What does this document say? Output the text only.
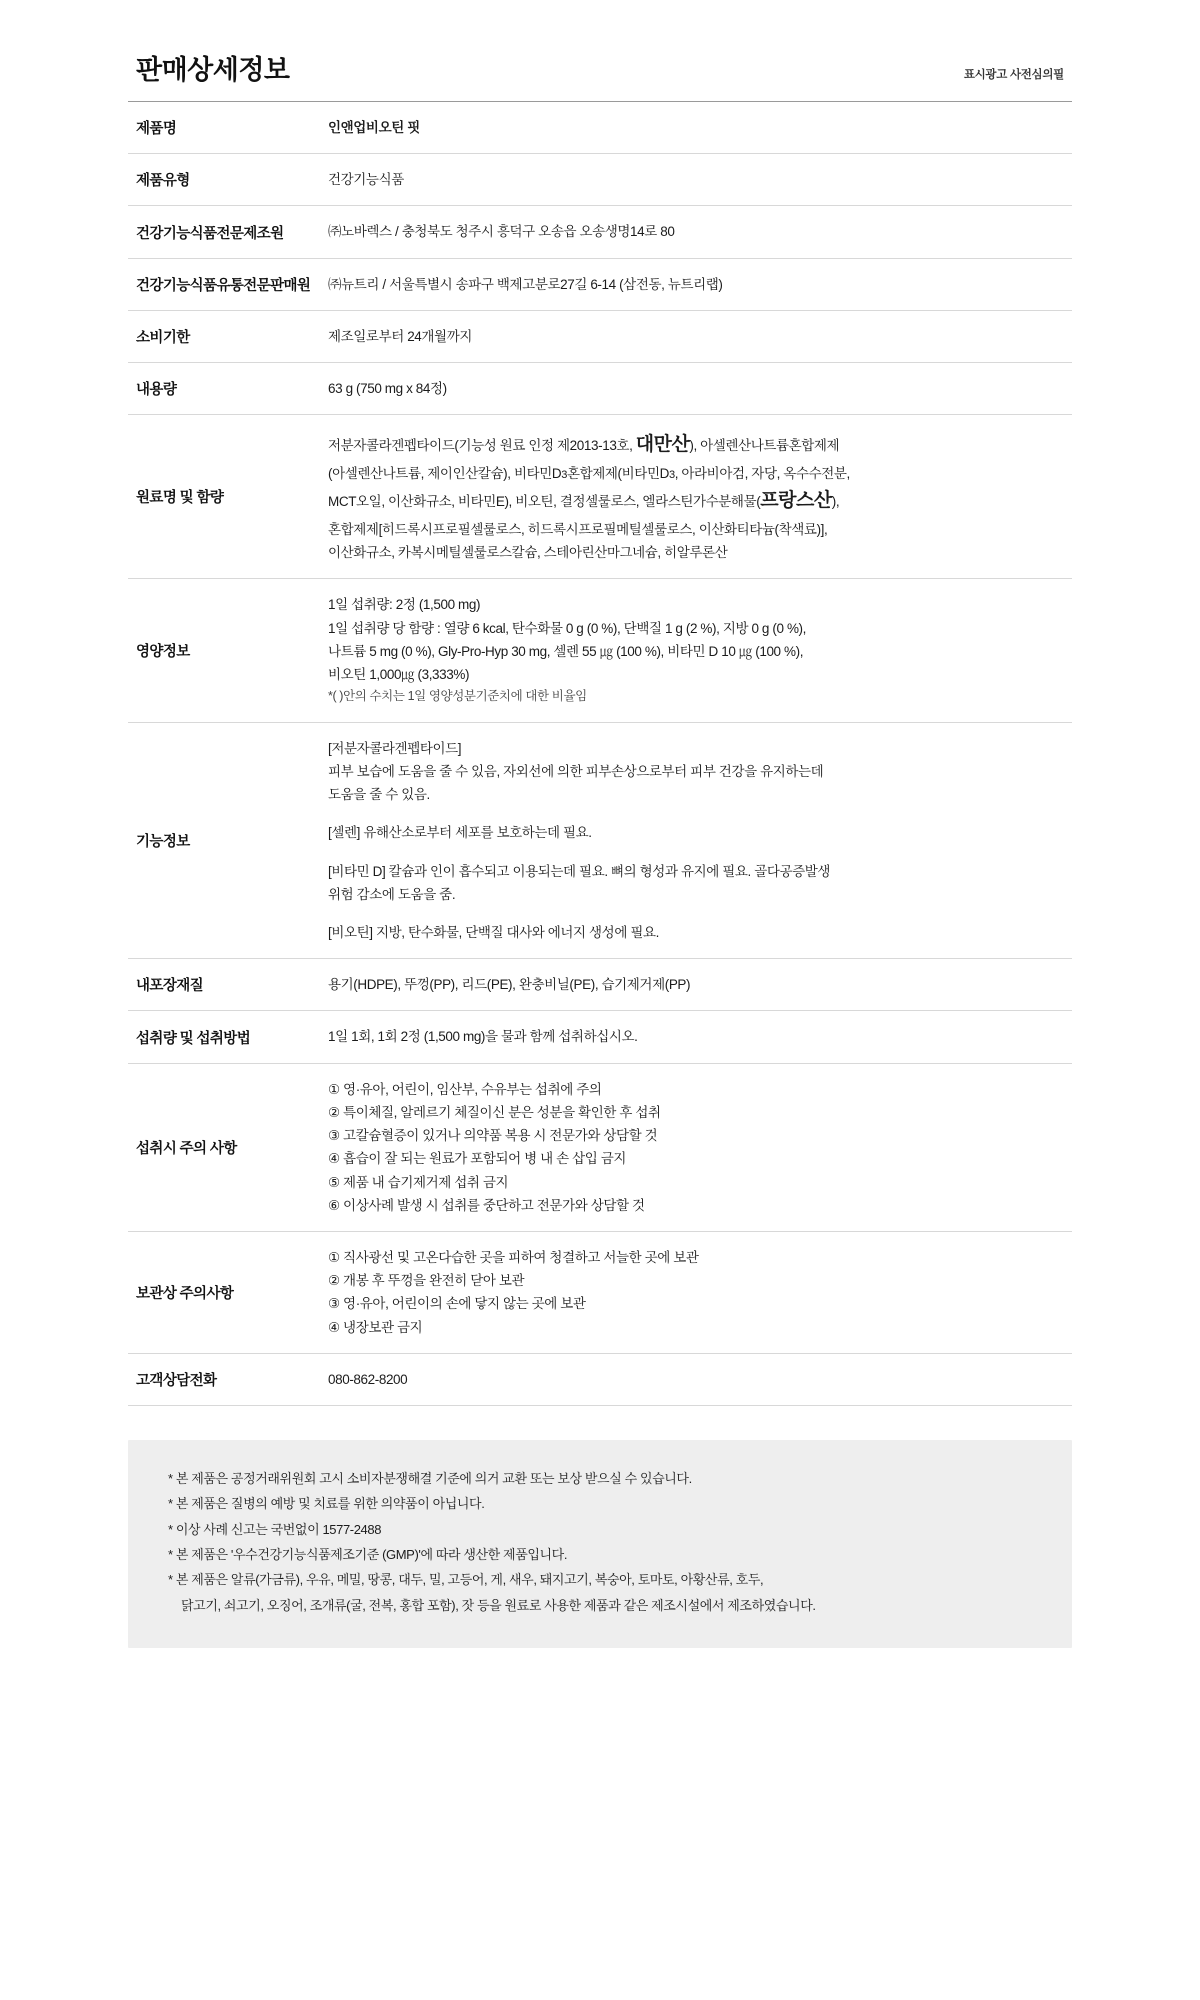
판매상세정보	표시광고 사전심의필
제품명	인앤업비오틴 핏

제품유형	건강기능식품

건강기능식품전문제조원	㈜노바렉스 / 충청북도 청주시 흥덕구 오송읍 오송생명14로 80

건강기능식품유통전문판매원	㈜뉴트리 / 서울특별시 송파구 백제고분로27길 6-14 (삼전동, 뉴트리랩)

소비기한	제조일로부터 24개월까지

내용량	63 g (750 mg x 84정)

원료명 및 함량	저분자콜라겐펩타이드(기능성 원료 인정 제2013-13호, 대만산), 아셀렌산나트륨혼합제제
(아셀렌산나트륨, 제이인산칼슘), 비타민D3혼합제제(비타민D3, 아라비아검, 자당, 옥수수전분,
MCT오일, 이산화규소, 비타민E), 비오틴, 결정셀룰로스, 엘라스틴가수분해물(프랑스산),
혼합제제[히드록시프로필셀룰로스, 히드록시프로필메틸셀룰로스, 이산화티타늄(착색료)],
이산화규소, 카복시메틸셀룰로스칼슘, 스테아린산마그네슘, 히알루론산

영양정보	1일 섭취량: 2정 (1,500 mg)
1일 섭취량 당 함량 : 열량 6 kcal, 탄수화물 0 g (0 %), 단백질 1 g (2 %), 지방 0 g (0 %),
나트륨 5 mg (0 %), Gly-Pro-Hyp 30 mg, 셀렌 55 ㎍ (100 %), 비타민 D 10 ㎍ (100 %),
비오틴 1,000㎍ (3,333%)
*( )안의 수치는 1일 영양성분기준치에 대한 비율임

기능정보	
[저분자콜라겐펩타이드]
피부 보습에 도움을 줄 수 있음, 자외선에 의한 피부손상으로부터 피부 건강을 유지하는데
도움을 줄 수 있음.
[셀렌] 유해산소로부터 세포를 보호하는데 필요.
[비타민 D] 칼슘과 인이 흡수되고 이용되는데 필요. 뼈의 형성과 유지에 필요. 골다공증발생
위험 감소에 도움을 줌.
[비오틴] 지방, 탄수화물, 단백질 대사와 에너지 생성에 필요.

내포장재질	용기(HDPE), 뚜껑(PP), 리드(PE), 완충비닐(PE), 습기제거제(PP)

섭취량 및 섭취방법	1일 1회, 1회 2정 (1,500 mg)을 물과 함께 섭취하십시오.

섭취시 주의 사항	
① 영·유아, 어린이, 임산부, 수유부는 섭취에 주의
② 특이체질, 알레르기 체질이신 분은 성분을 확인한 후 섭취
③ 고칼슘혈증이 있거나 의약품 복용 시 전문가와 상담할 것
④ 흡습이 잘 되는 원료가 포함되어 병 내 손 삽입 금지
⑤ 제품 내 습기제거제 섭취 금지
⑥ 이상사례 발생 시 섭취를 중단하고 전문가와 상담할 것

보관상 주의사항	① 직사광선 및 고온다습한 곳을 피하여 청결하고 서늘한 곳에 보관
② 개봉 후 뚜껑을 완전히 닫아 보관
③ 영·유아, 어린이의 손에 닿지 않는 곳에 보관
④ 냉장보관 금지

고객상담전화	080-862-8200
* 본 제품은 공정거래위원회 고시 소비자분쟁해결 기준에 의거 교환 또는 보상 받으실 수 있습니다.
* 본 제품은 질병의 예방 및 치료를 위한 의약품이 아닙니다.
* 이상 사례 신고는 국번없이 1577-2488
* 본 제품은 '우수건강기능식품제조기준 (GMP)'에 따라 생산한 제품입니다.
* 본 제품은 알류(가금류), 우유, 메밀, 땅콩, 대두, 밀, 고등어, 게, 새우, 돼지고기, 복숭아, 토마토, 아황산류, 호두,
닭고기, 쇠고기, 오징어, 조개류(굴, 전복, 홍합 포함), 잣 등을 원료로 사용한 제품과 같은 제조시설에서 제조하였습니다.
